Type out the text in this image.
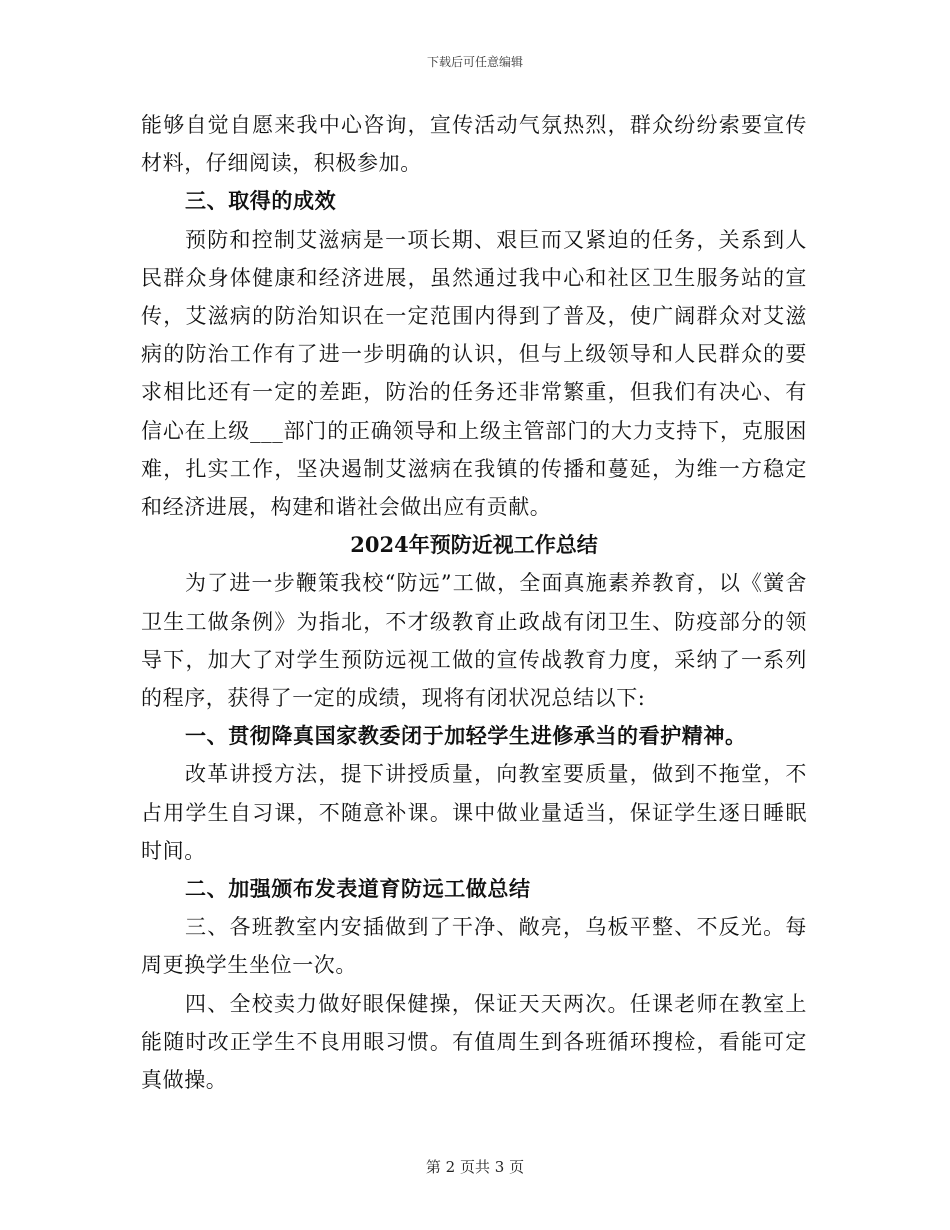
下载后可任意编辑

能够自觉自愿来我中心咨询，宣传活动气氛热烈，群众纷纷索要宣传材料，仔细阅读，积极参加。

三、取得的成效

预防和控制艾滋病是一项长期、艰巨而又紧迫的任务，关系到人民群众身体健康和经济进展，虽然通过我中心和社区卫生服务站的宣传，艾滋病的防治知识在一定范围内得到了普及，使广阔群众对艾滋病的防治工作有了进一步明确的认识，但与上级领导和人民群众的要求相比还有一定的差距，防治的任务还非常繁重，但我们有决心、有信心在上级___部门的正确领导和上级主管部门的大力支持下，克服困难，扎实工作，坚决遏制艾滋病在我镇的传播和蔓延，为维一方稳定和经济进展，构建和谐社会做出应有贡献。

2024年预防近视工作总结

为了进一步鞭策我校“防远”工做，全面真施素养教育，以《黉舍卫生工做条例》为指北，不才级教育止政战有闭卫生、防疫部分的领导下，加大了对学生预防远视工做的宣传战教育力度，采纳了一系列的程序，获得了一定的成绩，现将有闭状况总结以下:

一、贯彻降真国家教委闭于加轻学生进修承当的看护精神。

改革讲授方法，提下讲授质量，向教室要质量，做到不拖堂，不占用学生自习课，不随意补课。课中做业量适当，保证学生逐日睡眠时间。

二、加强颁布发表道育防远工做总结

三、各班教室内安插做到了干净、敞亮，乌板平整、不反光。每周更换学生坐位一次。

四、全校卖力做好眼保健操，保证天天两次。任课老师在教室上能随时改正学生不良用眼习惯。有值周生到各班循环搜检，看能可定真做操。

第 2 页共 3 页
